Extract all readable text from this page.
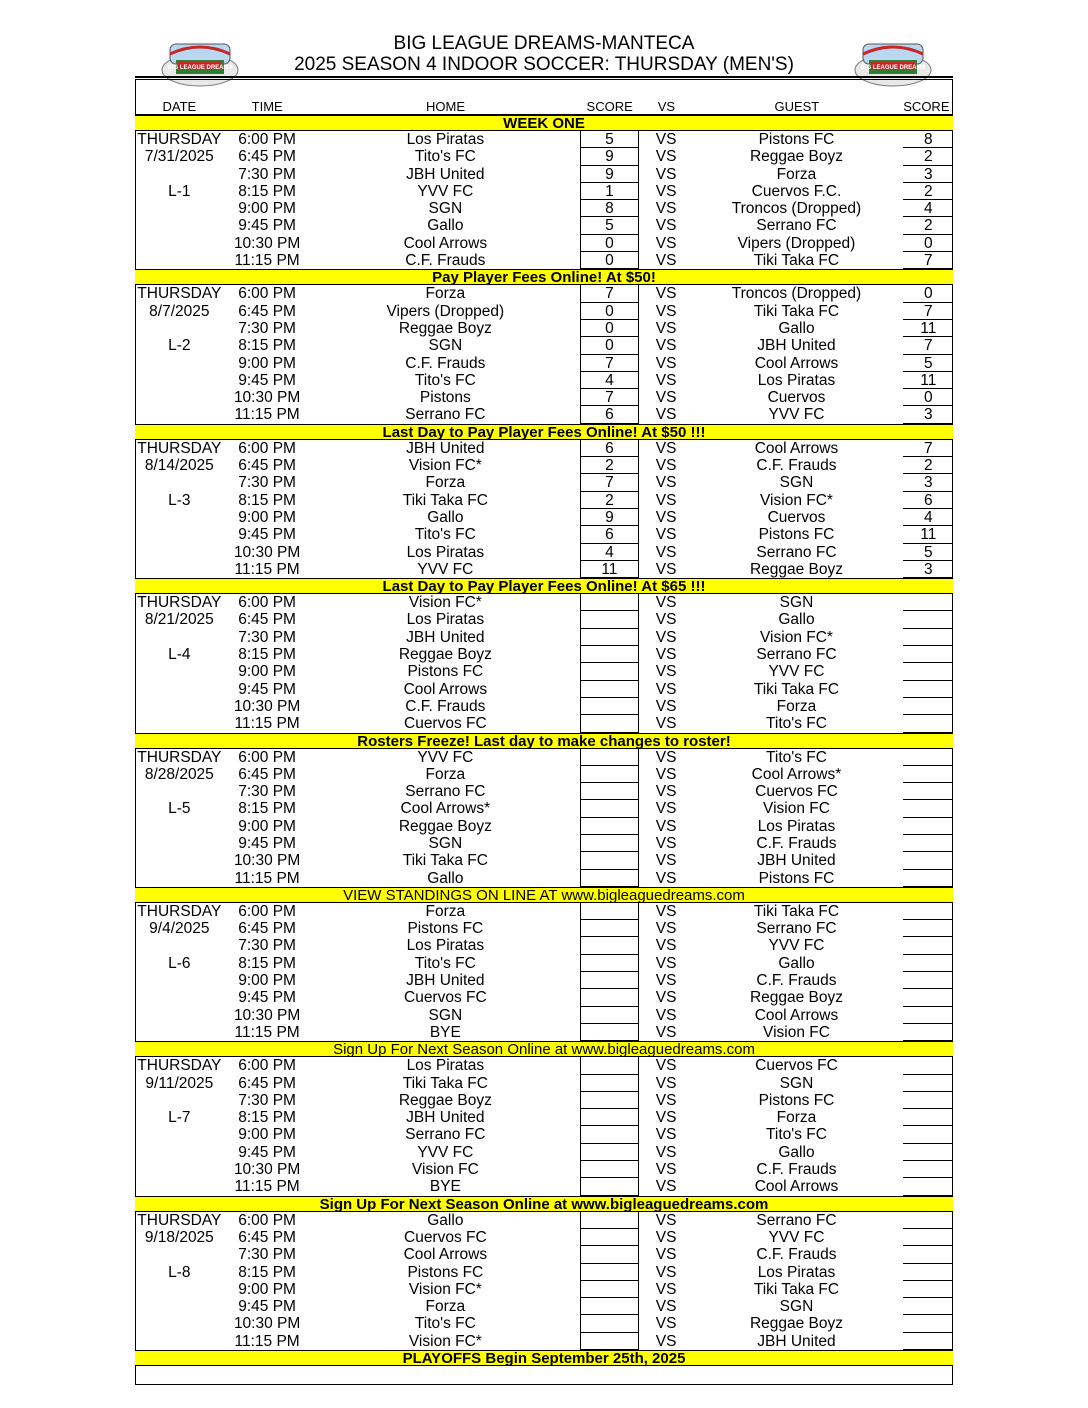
BIG LEAGUE DREAMS	BIG LEAGUE DREAMS
BIG LEAGUE DREAMS-MANTECA
2025 SEASON 4 INDOOR SOCCER: THURSDAY (MEN'S)
DATE	TIME	HOME	SCORE	VS	GUEST	SCORE
WEEK ONE
THURSDAY	6:00 PM	Los Piratas	5	VS	Pistons FC	8
7/31/2025	6:45 PM	Tito's FC	9	VS	Reggae Boyz	2
7:30 PM	JBH United	9	VS	Forza	3
L-1	8:15 PM	YVV FC	1	VS	Cuervos F.C.	2
9:00 PM	SGN	8	VS	Troncos (Dropped)	4
9:45 PM	Gallo	5	VS	Serrano FC	2
10:30 PM	Cool Arrows	0	VS	Vipers (Dropped)	0
11:15 PM	C.F. Frauds	0	VS	Tiki Taka FC	7
Pay Player Fees Online! At $50!
THURSDAY	6:00 PM	Forza	7	VS	Troncos (Dropped)	0
8/7/2025	6:45 PM	Vipers (Dropped)	0	VS	Tiki Taka FC	7
7:30 PM	Reggae Boyz	0	VS	Gallo	11
L-2	8:15 PM	SGN	0	VS	JBH United	7
9:00 PM	C.F. Frauds	7	VS	Cool Arrows	5
9:45 PM	Tito's FC	4	VS	Los Piratas	11
10:30 PM	Pistons	7	VS	Cuervos	0
11:15 PM	Serrano FC	6	VS	YVV FC	3
Last Day to Pay Player Fees Online! At $50 !!!
THURSDAY	6:00 PM	JBH United	6	VS	Cool Arrows	7
8/14/2025	6:45 PM	Vision FC*	2	VS	C.F. Frauds	2
7:30 PM	Forza	7	VS	SGN	3
L-3	8:15 PM	Tiki Taka FC	2	VS	Vision FC*	6
9:00 PM	Gallo	9	VS	Cuervos	4
9:45 PM	Tito's FC	6	VS	Pistons FC	11
10:30 PM	Los Piratas	4	VS	Serrano FC	5
11:15 PM	YVV FC	11	VS	Reggae Boyz	3
Last Day to Pay Player Fees Online! At $65 !!!
THURSDAY	6:00 PM	Vision FC*	VS	SGN
8/21/2025	6:45 PM	Los Piratas	VS	Gallo
7:30 PM	JBH United	VS	Vision FC*
L-4	8:15 PM	Reggae Boyz	VS	Serrano FC
9:00 PM	Pistons FC	VS	YVV FC
9:45 PM	Cool Arrows	VS	Tiki Taka FC
10:30 PM	C.F. Frauds	VS	Forza
11:15 PM	Cuervos FC	VS	Tito's FC
Rosters Freeze! Last day to make changes to roster!
THURSDAY	6:00 PM	YVV FC	VS	Tito's FC
8/28/2025	6:45 PM	Forza	VS	Cool Arrows*
7:30 PM	Serrano FC	VS	Cuervos FC
L-5	8:15 PM	Cool Arrows*	VS	Vision FC
9:00 PM	Reggae Boyz	VS	Los Piratas
9:45 PM	SGN	VS	C.F. Frauds
10:30 PM	Tiki Taka FC	VS	JBH United
11:15 PM	Gallo	VS	Pistons FC
VIEW STANDINGS ON LINE AT www.bigleaguedreams.com
THURSDAY	6:00 PM	Forza	VS	Tiki Taka FC
9/4/2025	6:45 PM	Pistons FC	VS	Serrano FC
7:30 PM	Los Piratas	VS	YVV FC
L-6	8:15 PM	Tito's FC	VS	Gallo
9:00 PM	JBH United	VS	C.F. Frauds
9:45 PM	Cuervos FC	VS	Reggae Boyz
10:30 PM	SGN	VS	Cool Arrows
11:15 PM	BYE	VS	Vision FC
Sign Up For Next Season Online at www.bigleaguedreams.com
THURSDAY	6:00 PM	Los Piratas	VS	Cuervos FC
9/11/2025	6:45 PM	Tiki Taka FC	VS	SGN
7:30 PM	Reggae Boyz	VS	Pistons FC
L-7	8:15 PM	JBH United	VS	Forza
9:00 PM	Serrano FC	VS	Tito's FC
9:45 PM	YVV FC	VS	Gallo
10:30 PM	Vision FC	VS	C.F. Frauds
11:15 PM	BYE	VS	Cool Arrows
Sign Up For Next Season Online at www.bigleaguedreams.com
THURSDAY	6:00 PM	Gallo	VS	Serrano FC
9/18/2025	6:45 PM	Cuervos FC	VS	YVV FC
7:30 PM	Cool Arrows	VS	C.F. Frauds
L-8	8:15 PM	Pistons FC	VS	Los Piratas
9:00 PM	Vision FC*	VS	Tiki Taka FC
9:45 PM	Forza	VS	SGN
10:30 PM	Tito's FC	VS	Reggae Boyz
11:15 PM	Vision FC*	VS	JBH United
PLAYOFFS Begin September 25th, 2025
